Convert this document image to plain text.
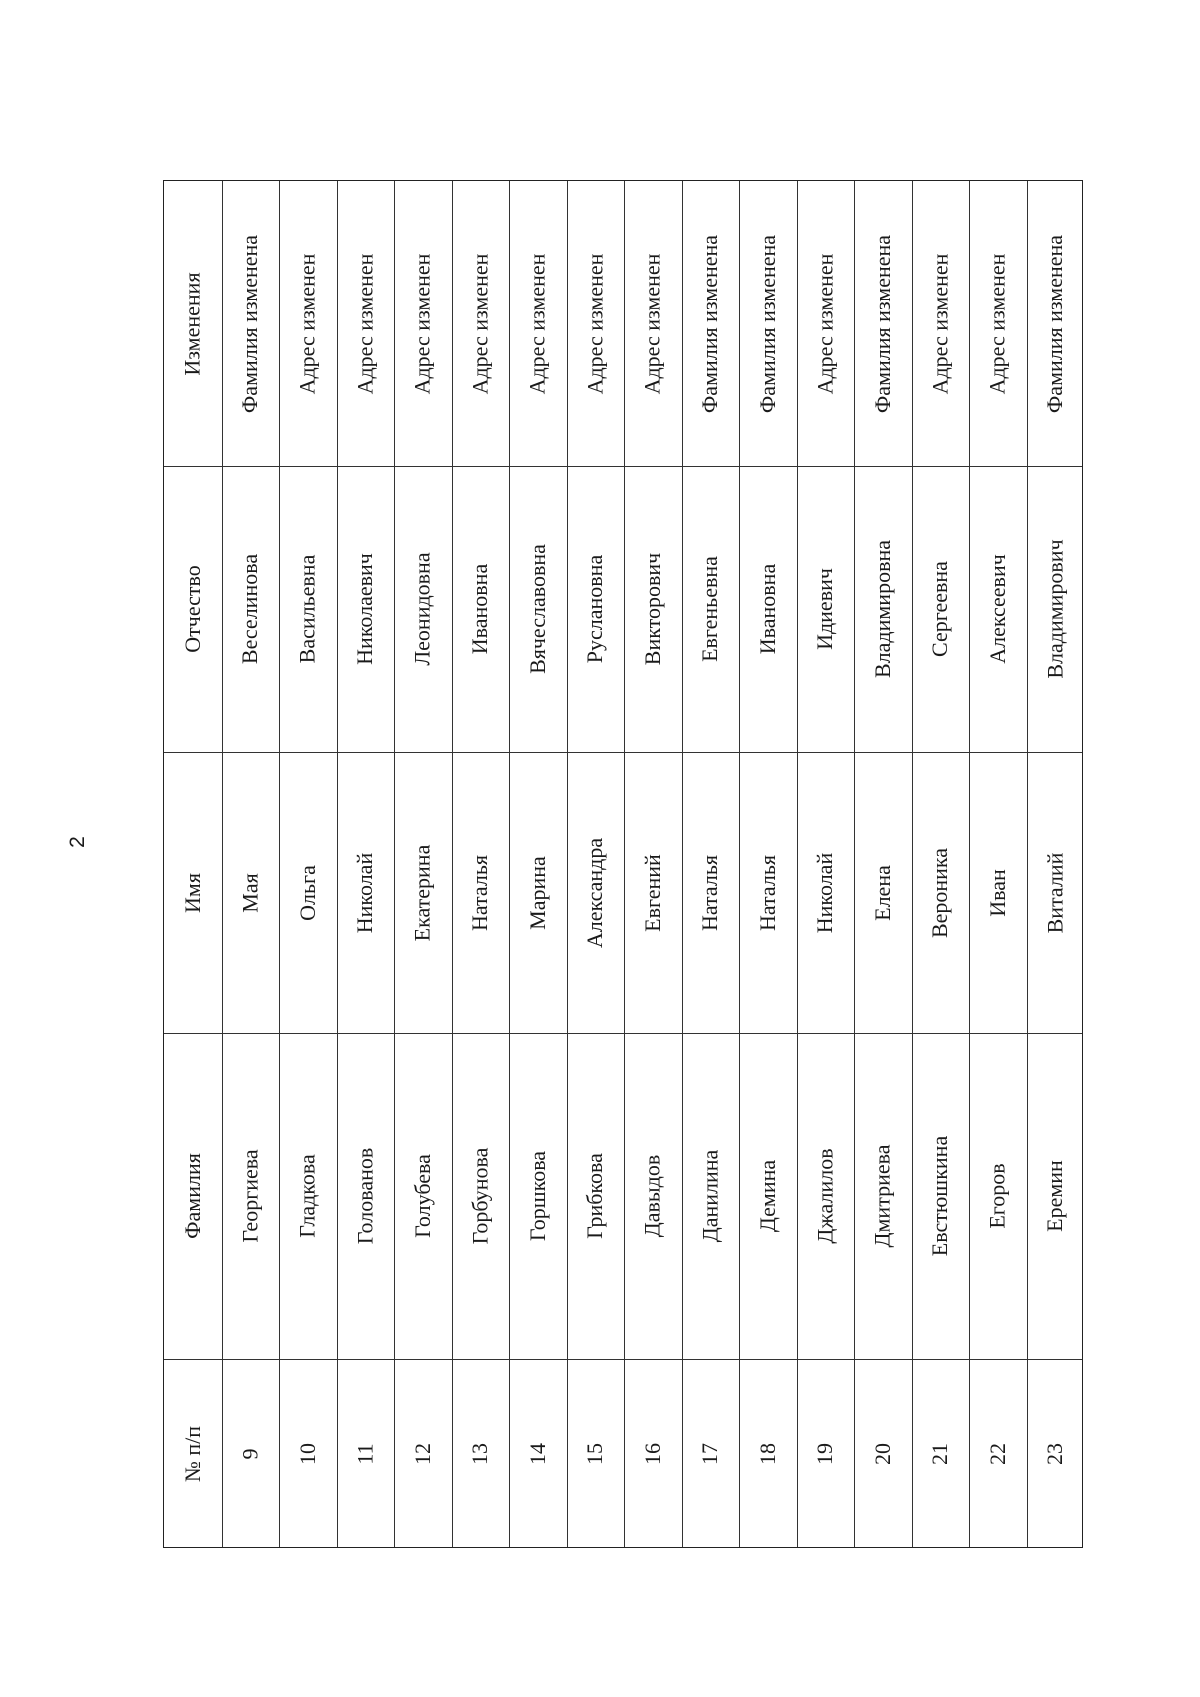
2
Изменения
Отчество
Имя
Фамилия
№ п/п
Фамилия изменена
Веселинова
Мая
Георгиева
9
Адрес изменен
Васильевна
Ольга
Гладкова
10
Адрес изменен
Николаевич
Николай
Голованов
11
Адрес изменен
Леонидовна
Екатерина
Голубева
12
Адрес изменен
Ивановна
Наталья
Горбунова
13
Адрес изменен
Вячеславовна
Марина
Горшкова
14
Адрес изменен
Руслановна
Александра
Грибкова
15
Адрес изменен
Викторович
Евгений
Давыдов
16
Фамилия изменена
Евгеньевна
Наталья
Данилина
17
Фамилия изменена
Ивановна
Наталья
Демина
18
Адрес изменен
Идиевич
Николай
Джалилов
19
Фамилия изменена
Владимировна
Елена
Дмитриева
20
Адрес изменен
Сергеевна
Вероника
Евстюшкина
21
Адрес изменен
Алексеевич
Иван
Егоров
22
Фамилия изменена
Владимирович
Виталий
Еремин
23
